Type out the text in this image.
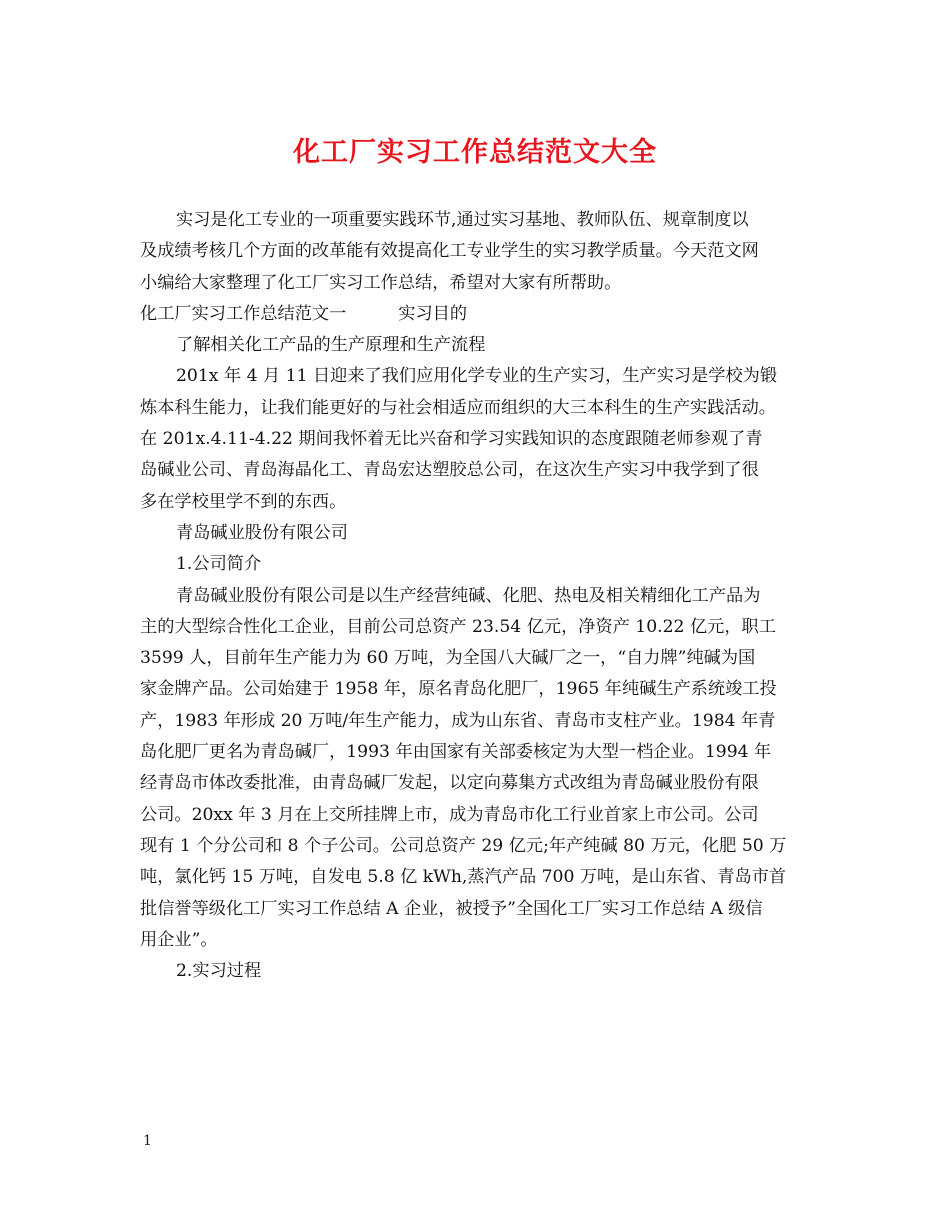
化工厂实习工作总结范文大全
实习是化工专业的一项重要实践环节,通过实习基地、教师队伍、规章制度以
及成绩考核几个方面的改革能有效提高化工专业学生的实习教学质量。今天范文网
小编给大家整理了化工厂实习工作总结，希望对大家有所帮助。
化工厂实习工作总结范文一	实习目的
了解相关化工产品的生产原理和生产流程
201x 年 4 月 11 日迎来了我们应用化学专业的生产实习，生产实习是学校为锻
炼本科生能力，让我们能更好的与社会相适应而组织的大三本科生的生产实践活动。
在 201x.4.11-4.22 期间我怀着无比兴奋和学习实践知识的态度跟随老师参观了青
岛碱业公司、青岛海晶化工、青岛宏达塑胶总公司，在这次生产实习中我学到了很
多在学校里学不到的东西。
青岛碱业股份有限公司
1.公司简介
青岛碱业股份有限公司是以生产经营纯碱、化肥、热电及相关精细化工产品为
主的大型综合性化工企业，目前公司总资产 23.54 亿元，净资产 10.22 亿元，职工
3599 人，目前年生产能力为 60 万吨，为全国八大碱厂之一，“自力牌”纯碱为国
家金牌产品。公司始建于 1958 年，原名青岛化肥厂，1965 年纯碱生产系统竣工投
产，1983 年形成 20 万吨/年生产能力，成为山东省、青岛市支柱产业。1984 年青
岛化肥厂更名为青岛碱厂，1993 年由国家有关部委核定为大型一档企业。1994 年
经青岛市体改委批准，由青岛碱厂发起，以定向募集方式改组为青岛碱业股份有限
公司。20xx 年 3 月在上交所挂牌上市，成为青岛市化工行业首家上市公司。公司
现有 1 个分公司和 8 个子公司。公司总资产 29 亿元;年产纯碱 80 万元，化肥 50 万
吨，氯化钙 15 万吨，自发电 5.8 亿 kWh,蒸汽产品 700 万吨，是山东省、青岛市首
批信誉等级化工厂实习工作总结 A 企业，被授予”全国化工厂实习工作总结 A 级信
用企业”。
2.实习过程
1
